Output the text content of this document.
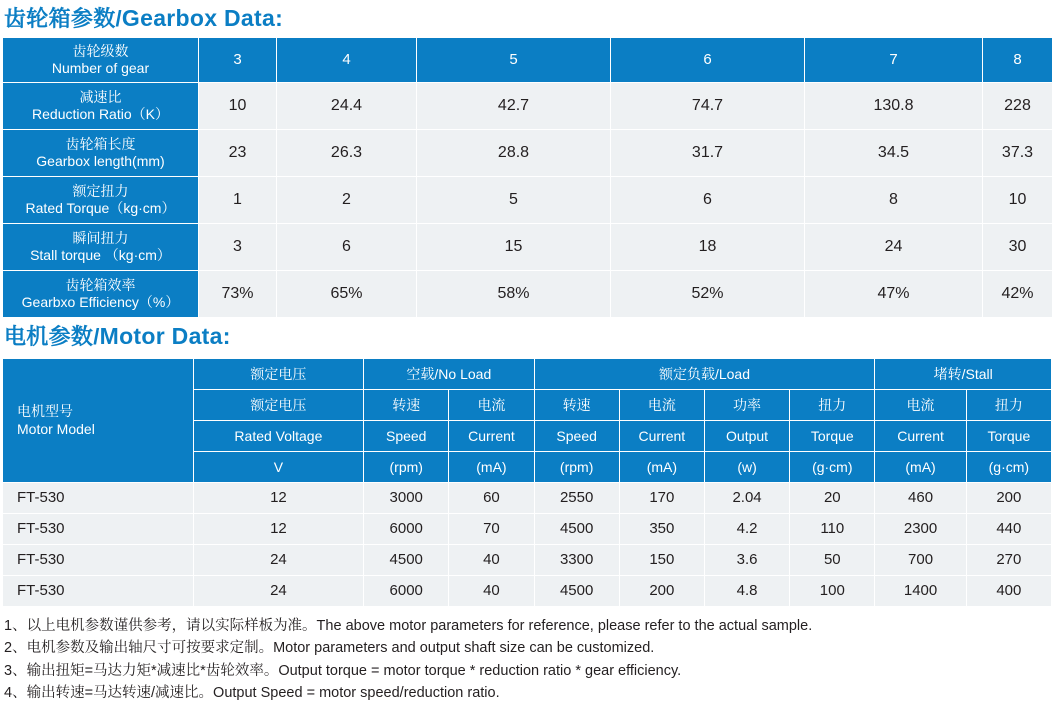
齿轮箱参数/Gearbox Data:
齿轮级数
Number of gear	3	4	5	6	7	8

减速比
Reduction Ratio（K）	10	24.4	42.7	74.7	130.8	228

齿轮箱长度
Gearbox length(mm)	23	26.3	28.8	31.7	34.5	37.3

额定扭力
Rated Torque（kg·cm）	1	2	5	6	8	10

瞬间扭力
Stall torque （kg·cm）	3	6	15	18	24	30

齿轮箱效率
Gearbxo Efficiency（%）	73%	65%	58%	52%	47%	42%
电机参数/Motor Data:
电机型号
Motor Model	额定电压	空载/No Load		额定负载/Load				堵转/Stall	
	额定电压	转速	电流	转速	电流	功率	扭力	电流	扭力
	Rated Voltage	Speed	Current	Speed	Current	Output	Torque	Current	Torque
	V	(rpm)	(mA)	(rpm)	(mA)	(w)	(g·cm)	(mA)	(g·cm)
FT-530	12	3000	60	2550	170	2.04	20	460	200
FT-530	12	6000	70	4500	350	4.2	110	2300	440
FT-530	24	4500	40	3300	150	3.6	50	700	270
FT-530	24	6000	40	4500	200	4.8	100	1400	400
1、以上电机参数谨供参考，请以实际样板为准。The above motor parameters for reference, please refer to the actual sample.
2、电机参数及输出轴尺寸可按要求定制。Motor parameters and output shaft size can be customized.
3、输出扭矩=马达力矩*减速比*齿轮效率。Output torque = motor torque * reduction ratio * gear efficiency.
4、输出转速=马达转速/减速比。Output Speed = motor speed/reduction ratio.
